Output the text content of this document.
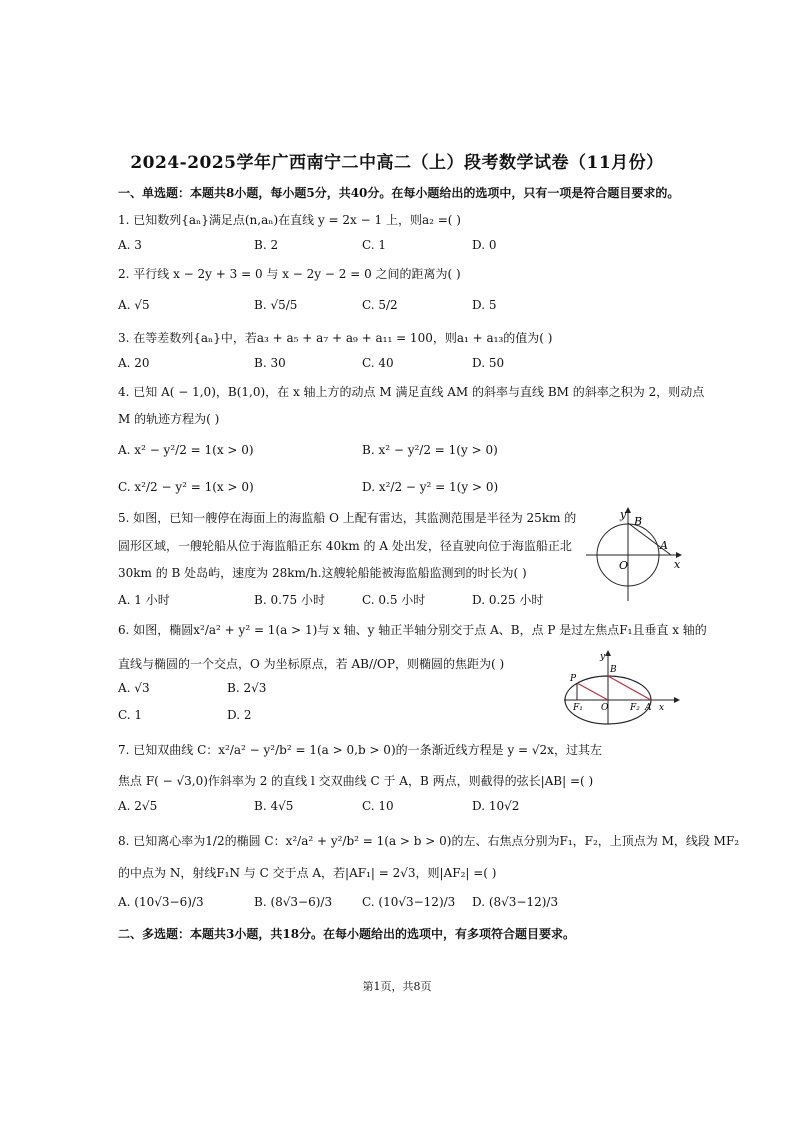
2024-2025学年广西南宁二中高二（上）段考数学试卷（11月份）
一、单选题：本题共8小题，每小题5分，共40分。在每小题给出的选项中，只有一项是符合题目要求的。
1. 已知数列{aₙ}满足点(n,aₙ)在直线 y = 2x − 1 上，则a₂ =( )
A. 3	B. 2	C. 1	D. 0
2. 平行线 x − 2y + 3 = 0 与 x − 2y − 2 = 0 之间的距离为( )
A. √5	B. √5/5	C. 5/2	D. 5
3. 在等差数列{aₙ}中，若a₃ + a₅ + a₇ + a₉ + a₁₁ = 100，则a₁ + a₁₃的值为( )
A. 20	B. 30	C. 40	D. 50
4. 已知 A( − 1,0)，B(1,0)，在 x 轴上方的动点 M 满足直线 AM 的斜率与直线 BM 的斜率之积为 2，则动点
M 的轨迹方程为( )
A. x² − y²/2 = 1(x > 0)	B. x² − y²/2 = 1(y > 0)
C. x²/2 − y² = 1(x > 0)	D. x²/2 − y² = 1(y > 0)
5. 如图，已知一艘停在海面上的海监船 O 上配有雷达，其监测范围是半径为 25km 的
圆形区域，一艘轮船从位于海监船正东 40km 的 A 处出发，径直驶向位于海监船正北
30km 的 B 处岛屿，速度为 28km/h.这艘轮船能被海监船监测到的时长为( )
A. 1 小时	B. 0.75 小时	C. 0.5 小时	D. 0.25 小时
y
B
O
A
x
6. 如图，椭圆x²/a² + y² = 1(a > 1)与 x 轴、y 轴正半轴分别交于点 A、B，点 P 是过左焦点F₁且垂直 x 轴的
直线与椭圆的一个交点，O 为坐标原点，若 AB//OP，则椭圆的焦距为( )
A. √3	B. 2√3
C. 1	D. 2
y
B
P
F₁ O F₂ A x
7. 已知双曲线 C：x²/a² − y²/b² = 1(a > 0,b > 0)的一条渐近线方程是 y = √2x，过其左
焦点 F( − √3,0)作斜率为 2 的直线 l 交双曲线 C 于 A，B 两点，则截得的弦长|AB| =( )
A. 2√5	B. 4√5	C. 10	D. 10√2
8. 已知离心率为1/2的椭圆 C：x²/a² + y²/b² = 1(a > b > 0)的左、右焦点分别为F₁，F₂，上顶点为 M，线段 MF₂
的中点为 N，射线F₁N 与 C 交于点 A，若|AF₁| = 2√3，则|AF₂| =( )
A. (10√3−6)/3	B. (8√3−6)/3 C. (10√3−12)/3 D. (8√3−12)/3
二、多选题：本题共3小题，共18分。在每小题给出的选项中，有多项符合题目要求。
第1页，共8页
